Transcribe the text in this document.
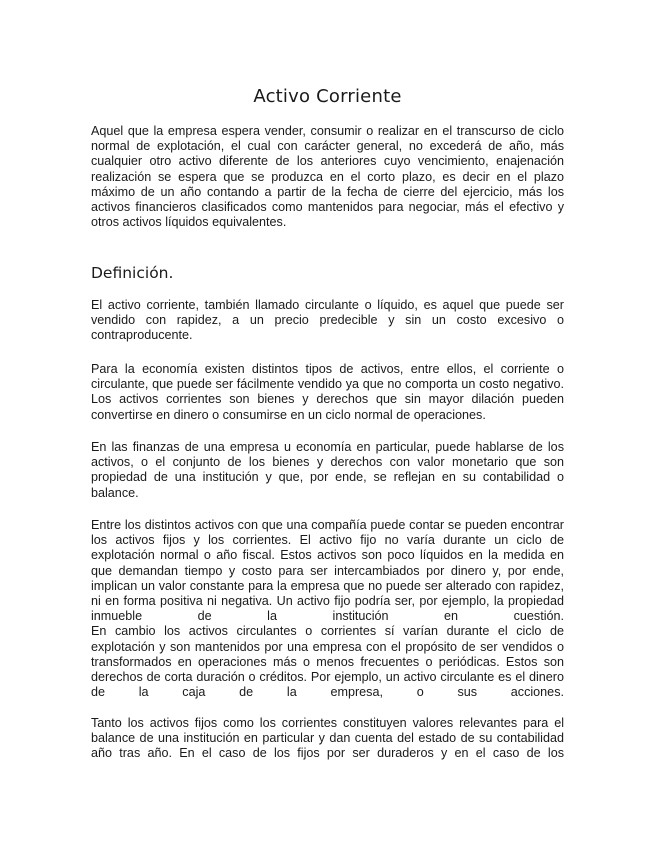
Activo Corriente

Aquel que la empresa espera vender, consumir o realizar en el transcurso de ciclo normal de explotación, el cual con carácter general, no excederá de año, más cualquier otro activo diferente de los anteriores cuyo vencimiento, enajenación realización se espera que se produzca en el corto plazo, es decir en el plazo máximo de un año contando a partir de la fecha de cierre del ejercicio, más los activos financieros clasificados como mantenidos para negociar, más el efectivo y otros activos líquidos equivalentes.

Definición.

El activo corriente, también llamado circulante o líquido, es aquel que puede ser vendido con rapidez, a un precio predecible y sin un costo excesivo o contraproducente.

Para la economía existen distintos tipos de activos, entre ellos, el corriente o circulante, que puede ser fácilmente vendido ya que no comporta un costo negativo. Los activos corrientes son bienes y derechos que sin mayor dilación pueden convertirse en dinero o consumirse en un ciclo normal de operaciones.

En las finanzas de una empresa u economía en particular, puede hablarse de los activos, o el conjunto de los bienes y derechos con valor monetario que son propiedad de una institución y que, por ende, se reflejan en su contabilidad o balance.

Entre los distintos activos con que una compañía puede contar se pueden encontrar los activos fijos y los corrientes. El activo fijo no varía durante un ciclo de explotación normal o año fiscal. Estos activos son poco líquidos en la medida en que demandan tiempo y costo para ser intercambiados por dinero y, por ende, implican un valor constante para la empresa que no puede ser alterado con rapidez, ni en forma positiva ni negativa. Un activo fijo podría ser, por ejemplo, la propiedad inmueble de la institución en cuestión.
En cambio los activos circulantes o corrientes sí varían durante el ciclo de explotación y son mantenidos por una empresa con el propósito de ser vendidos o transformados en operaciones más o menos frecuentes o periódicas. Estos son derechos de corta duración o créditos. Por ejemplo, un activo circulante es el dinero de la caja de la empresa, o sus acciones.

Tanto los activos fijos como los corrientes constituyen valores relevantes para el balance de una institución en particular y dan cuenta del estado de su contabilidad año tras año. En el caso de los fijos por ser duraderos y en el caso de los
